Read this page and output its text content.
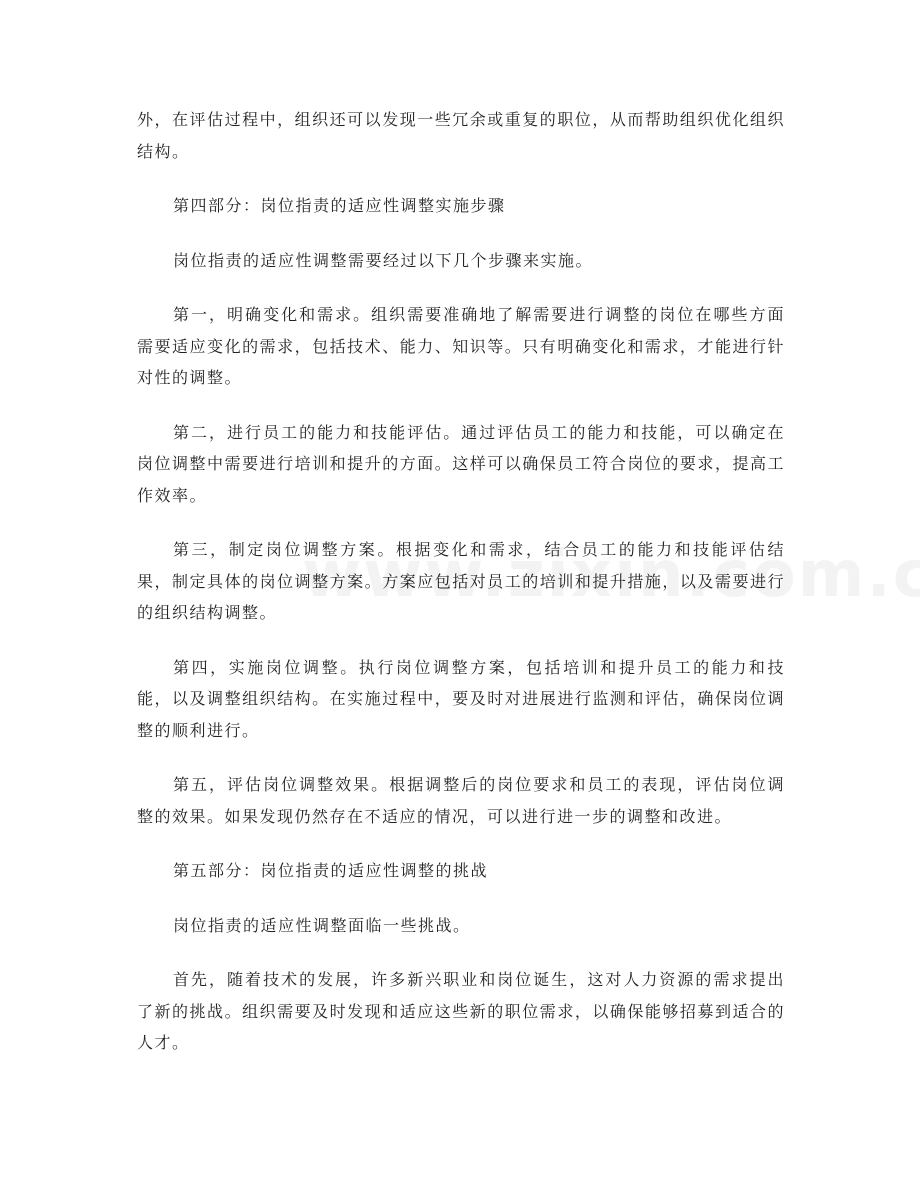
外，在评估过程中，组织还可以发现一些冗余或重复的职位，从而帮助组织优化组织结构。

第四部分：岗位指责的适应性调整实施步骤

岗位指责的适应性调整需要经过以下几个步骤来实施。

第一，明确变化和需求。组织需要准确地了解需要进行调整的岗位在哪些方面需要适应变化的需求，包括技术、能力、知识等。只有明确变化和需求，才能进行针对性的调整。

第二，进行员工的能力和技能评估。通过评估员工的能力和技能，可以确定在岗位调整中需要进行培训和提升的方面。这样可以确保员工符合岗位的要求，提高工作效率。

第三，制定岗位调整方案。根据变化和需求，结合员工的能力和技能评估结果，制定具体的岗位调整方案。方案应包括对员工的培训和提升措施，以及需要进行的组织结构调整。

第四，实施岗位调整。执行岗位调整方案，包括培训和提升员工的能力和技能，以及调整组织结构。在实施过程中，要及时对进展进行监测和评估，确保岗位调整的顺利进行。

第五，评估岗位调整效果。根据调整后的岗位要求和员工的表现，评估岗位调整的效果。如果发现仍然存在不适应的情况，可以进行进一步的调整和改进。

第五部分：岗位指责的适应性调整的挑战

岗位指责的适应性调整面临一些挑战。

首先，随着技术的发展，许多新兴职业和岗位诞生，这对人力资源的需求提出了新的挑战。组织需要及时发现和适应这些新的职位需求，以确保能够招募到适合的人才。
